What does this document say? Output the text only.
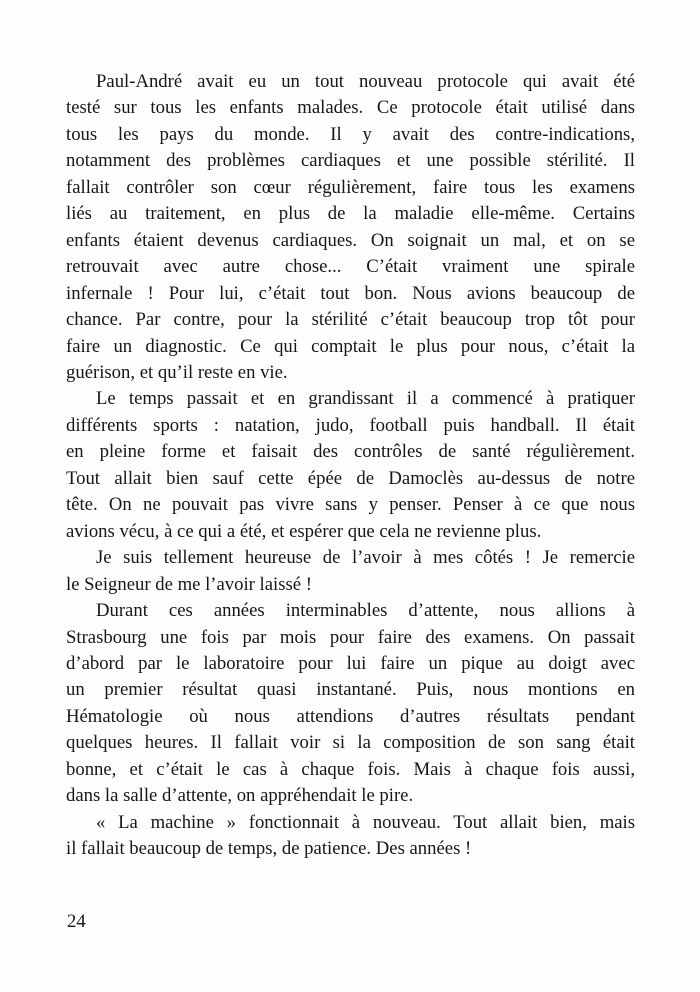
Paul-André avait eu un tout nouveau protocole qui avait été
testé sur tous les enfants malades. Ce protocole était utilisé dans
tous les pays du monde. Il y avait des contre-indications,
notamment des problèmes cardiaques et une possible stérilité. Il
fallait contrôler son cœur régulièrement, faire tous les examens
liés au traitement, en plus de la maladie elle-même. Certains
enfants étaient devenus cardiaques. On soignait un mal, et on se
retrouvait avec autre chose... C’était vraiment une spirale
infernale ! Pour lui, c’était tout bon. Nous avions beaucoup de
chance. Par contre, pour la stérilité c’était beaucoup trop tôt pour
faire un diagnostic. Ce qui comptait le plus pour nous, c’était la
guérison, et qu’il reste en vie.

Le temps passait et en grandissant il a commencé à pratiquer
différents sports : natation, judo, football puis handball. Il était
en pleine forme et faisait des contrôles de santé régulièrement.
Tout allait bien sauf cette épée de Damoclès au-dessus de notre
tête. On ne pouvait pas vivre sans y penser. Penser à ce que nous
avions vécu, à ce qui a été, et espérer que cela ne revienne plus.

Je suis tellement heureuse de l’avoir à mes côtés ! Je remercie
le Seigneur de me l’avoir laissé !

Durant ces années interminables d’attente, nous allions à
Strasbourg une fois par mois pour faire des examens. On passait
d’abord par le laboratoire pour lui faire un pique au doigt avec
un premier résultat quasi instantané. Puis, nous montions en
Hématologie où nous attendions d’autres résultats pendant
quelques heures. Il fallait voir si la composition de son sang était
bonne, et c’était le cas à chaque fois. Mais à chaque fois aussi,
dans la salle d’attente, on appréhendait le pire.

« La machine » fonctionnait à nouveau. Tout allait bien, mais
il fallait beaucoup de temps, de patience. Des années !

24
